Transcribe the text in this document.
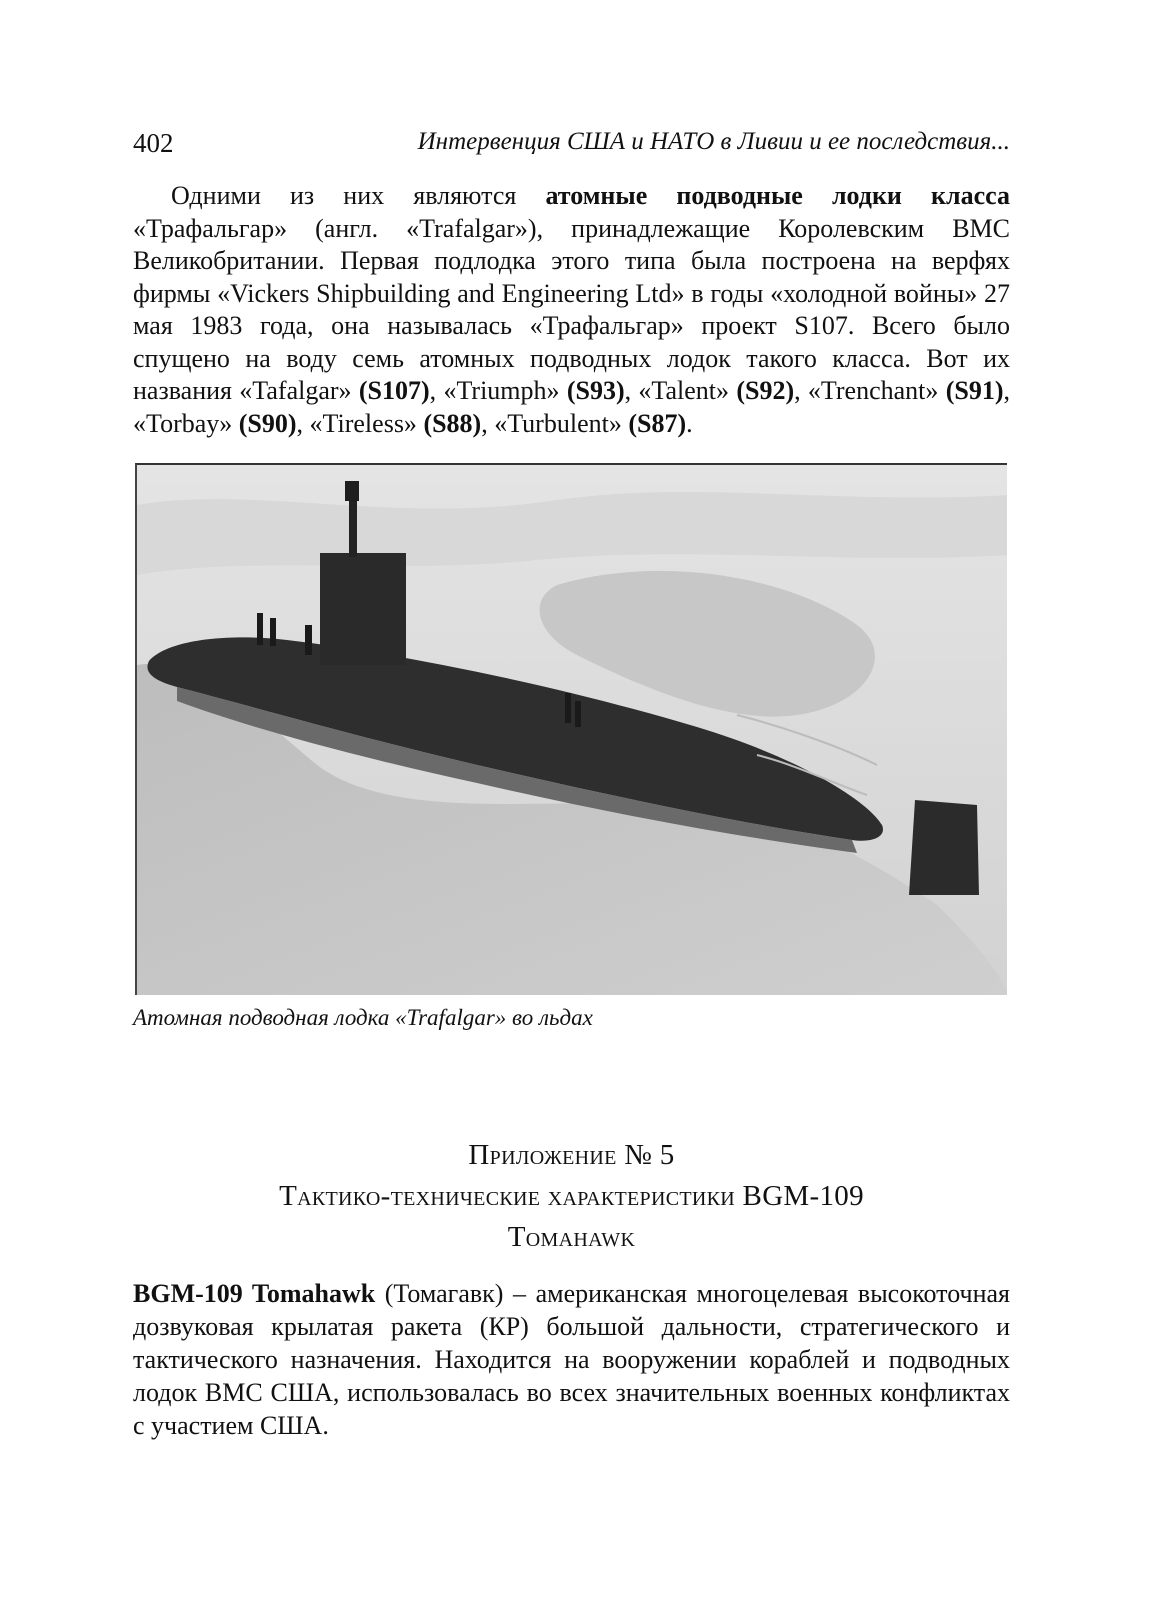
402	Интервенция США и НАТО в Ливии и ее последствия...

Одними из них являются атомные подводные лодки класса «Трафальгар» (англ. «Trafalgar»), принадлежащие Королевским ВМС Великобритании. Первая подлодка этого типа была построена на верфях фирмы «Vickers Shipbuilding and Engineering Ltd» в годы «холодной войны» 27 мая 1983 года, она называлась «Трафальгар» проект S107. Всего было спущено на воду семь атомных подводных лодок такого класса. Вот их названия «Tafalgar» (S107), «Triumph» (S93), «Talent» (S92), «Trenchant» (S91), «Torbay» (S90), «Tireless» (S88), «Turbulent» (S87).

Атомная подводная лодка «Trafalgar» во льдах
Приложение № 5
Тактико-технические характеристики BGM-109
Tomahawk

BGM-109 Tomahawk (Томагавк) – американская многоцелевая высокоточная дозвуковая крылатая ракета (КР) большой дальности, стратегического и тактического назначения. Находится на вооружении кораблей и подводных лодок ВМС США, использовалась во всех значительных военных конфликтах с участием США.
